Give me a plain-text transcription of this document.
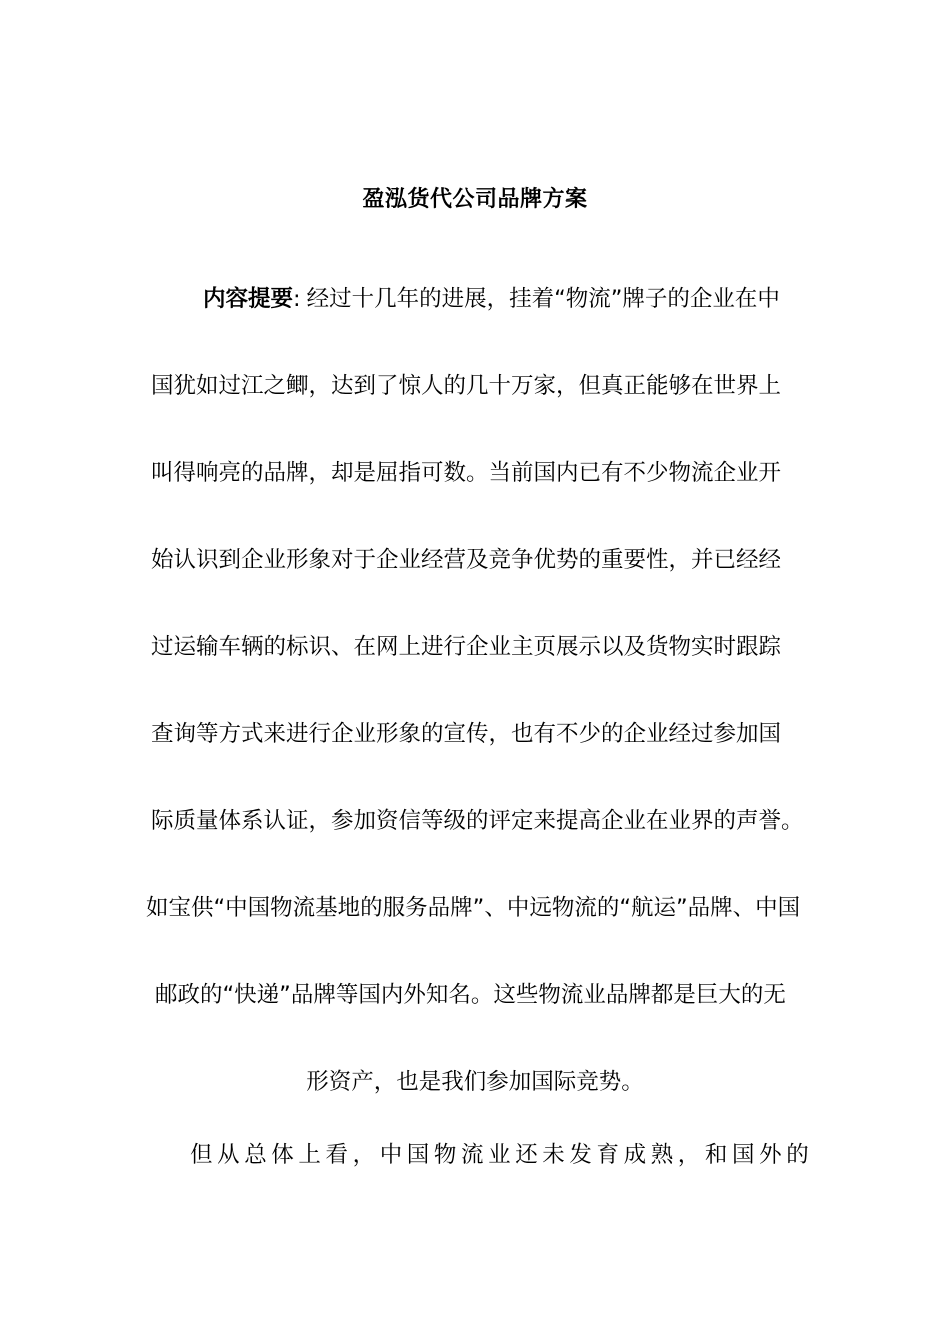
盈泓货代公司品牌方案
内容提要: 经过十几年的进展，挂着“物流”牌子的企业在中
国犹如过江之鲫，达到了惊人的几十万家，但真正能够在世界上
叫得响亮的品牌，却是屈指可数。当前国内已有不少物流企业开
始认识到企业形象对于企业经营及竞争优势的重要性，并已经经
过运输车辆的标识、在网上进行企业主页展示以及货物实时跟踪
查询等方式来进行企业形象的宣传，也有不少的企业经过参加国
际质量体系认证，参加资信等级的评定来提高企业在业界的声誉。
如宝供“中国物流基地的服务品牌”、中远物流的“航运”品牌、中国
邮政的“快递”品牌等国内外知名。这些物流业品牌都是巨大的无
形资产，也是我们参加国际竞势。
但从总体上看，中国物流业还未发育成熟，和国外的
